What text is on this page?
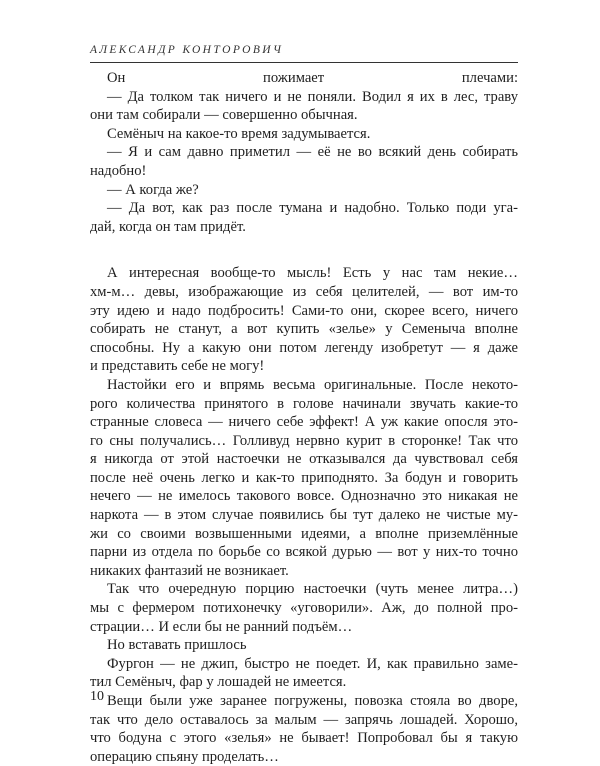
АЛЕКСАНДР КОНТОРОВИЧ
Он пожимает плечами:
— Да толком так ничего и не поняли. Водил я их в лес, траву
они там собирали — совершенно обычная.
Семёныч на какое-то время задумывается.
— Я и сам давно приметил — её не во всякий день собирать
надобно!
— А когда же?
— Да вот, как раз после тумана и надобно. Только поди уга-
дай, когда он там придёт.
А интересная вообще-то мысль! Есть у нас там некие…
хм-м… девы, изображающие из себя целителей, — вот им-то
эту идею и надо подбросить! Сами-то они, скорее всего, ничего
собирать не станут, а вот купить «зелье» у Семеныча вполне
способны. Ну а какую они потом легенду изобретут — я даже
и представить себе не могу!
Настойки его и впрямь весьма оригинальные. После некото-
рого количества принятого в голове начинали звучать какие-то
странные словеса — ничего себе эффект! А уж какие опосля это-
го сны получались… Голливуд нервно курит в сторонке! Так что
я никогда от этой настоечки не отказывался да чувствовал себя
после неё очень легко и как-то приподнято. За бодун и говорить
нечего — не имелось такового вовсе. Однозначно это никакая не
наркота — в этом случае появились бы тут далеко не чистые му-
жи со своими возвышенными идеями, а вполне приземлённые
парни из отдела по борьбе со всякой дурью — вот у них-то точно
никаких фантазий не возникает.
Так что очередную порцию настоечки (чуть менее литра…)
мы с фермером потихонечку «уговорили». Аж, до полной про-
страции… И если бы не ранний подъём…
Но вставать пришлось
Фургон — не джип, быстро не поедет. И, как правильно заме-
тил Семёныч, фар у лошадей не имеется.
Вещи были уже заранее погружены, повозка стояла во дворе,
так что дело оставалось за малым — запрячь лошадей. Хорошо,
что бодуна с этого «зелья» не бывает! Попробовал бы я такую
операцию спьяну проделать…
10
